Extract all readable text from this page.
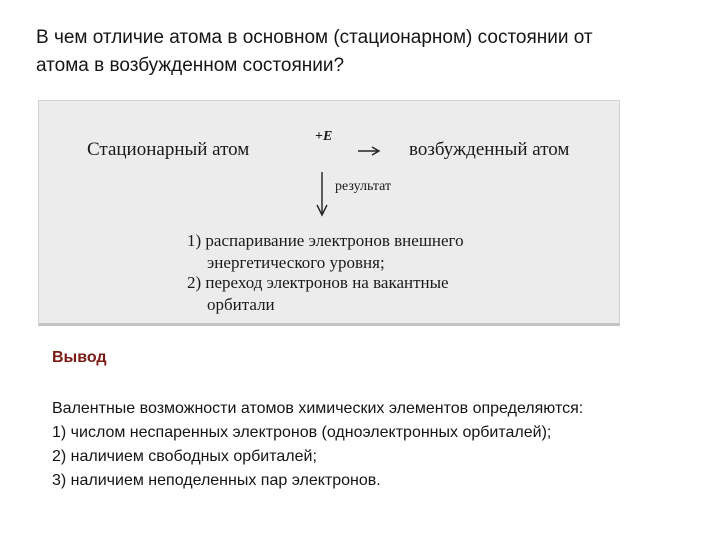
В чем отличие атома в основном (стационарном) состоянии от
атома в возбужденном состоянии?
Стационарный атом
+E
возбужденный атом
результат
1) распаривание электронов внешнего
энергетического уровня;
2) переход электронов на вакантные
орбитали
Вывод
Валентные возможности атомов химических элементов определяются:
1) числом неспаренных электронов (одноэлектронных орбиталей);
2) наличием свободных орбиталей;
3) наличием неподеленных пар электронов.
